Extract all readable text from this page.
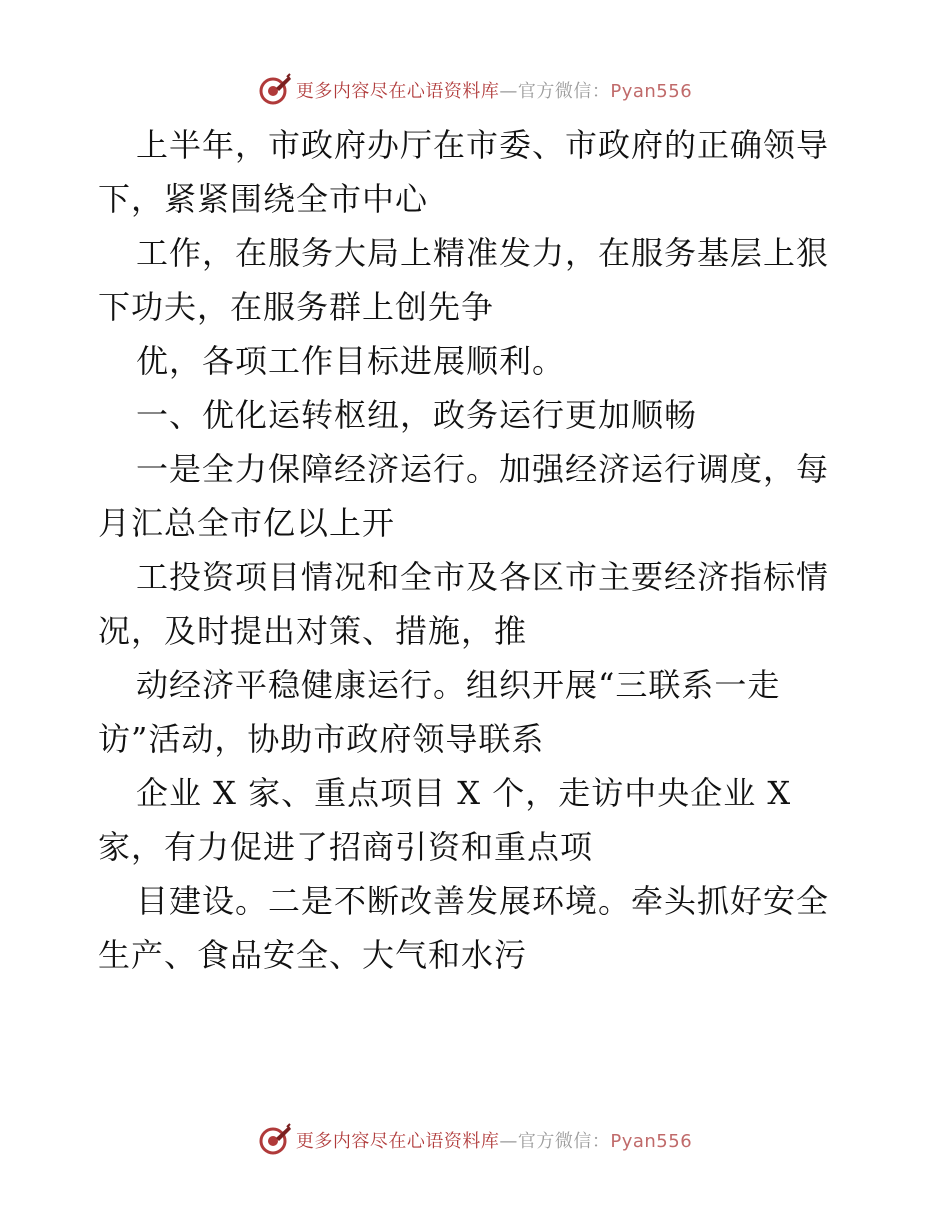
更多内容尽在心语资料库—官方微信：Pyan556

上半年，市政府办厅在市委、市政府的正确领导
下，紧紧围绕全市中心

工作，在服务大局上精准发力，在服务基层上狠
下功夫，在服务群上创先争

优，各项工作目标进展顺利。

一、优化运转枢纽，政务运行更加顺畅

一是全力保障经济运行。加强经济运行调度，每
月汇总全市亿以上开

工投资项目情况和全市及各区市主要经济指标情
况，及时提出对策、措施，推

动经济平稳健康运行。组织开展“三联系一走
访”活动，协助市政府领导联系

企业 X 家、重点项目 X 个，走访中央企业 X
家，有力促进了招商引资和重点项

目建设。二是不断改善发展环境。牵头抓好安全
生产、食品安全、大气和水污

更多内容尽在心语资料库—官方微信：Pyan556
